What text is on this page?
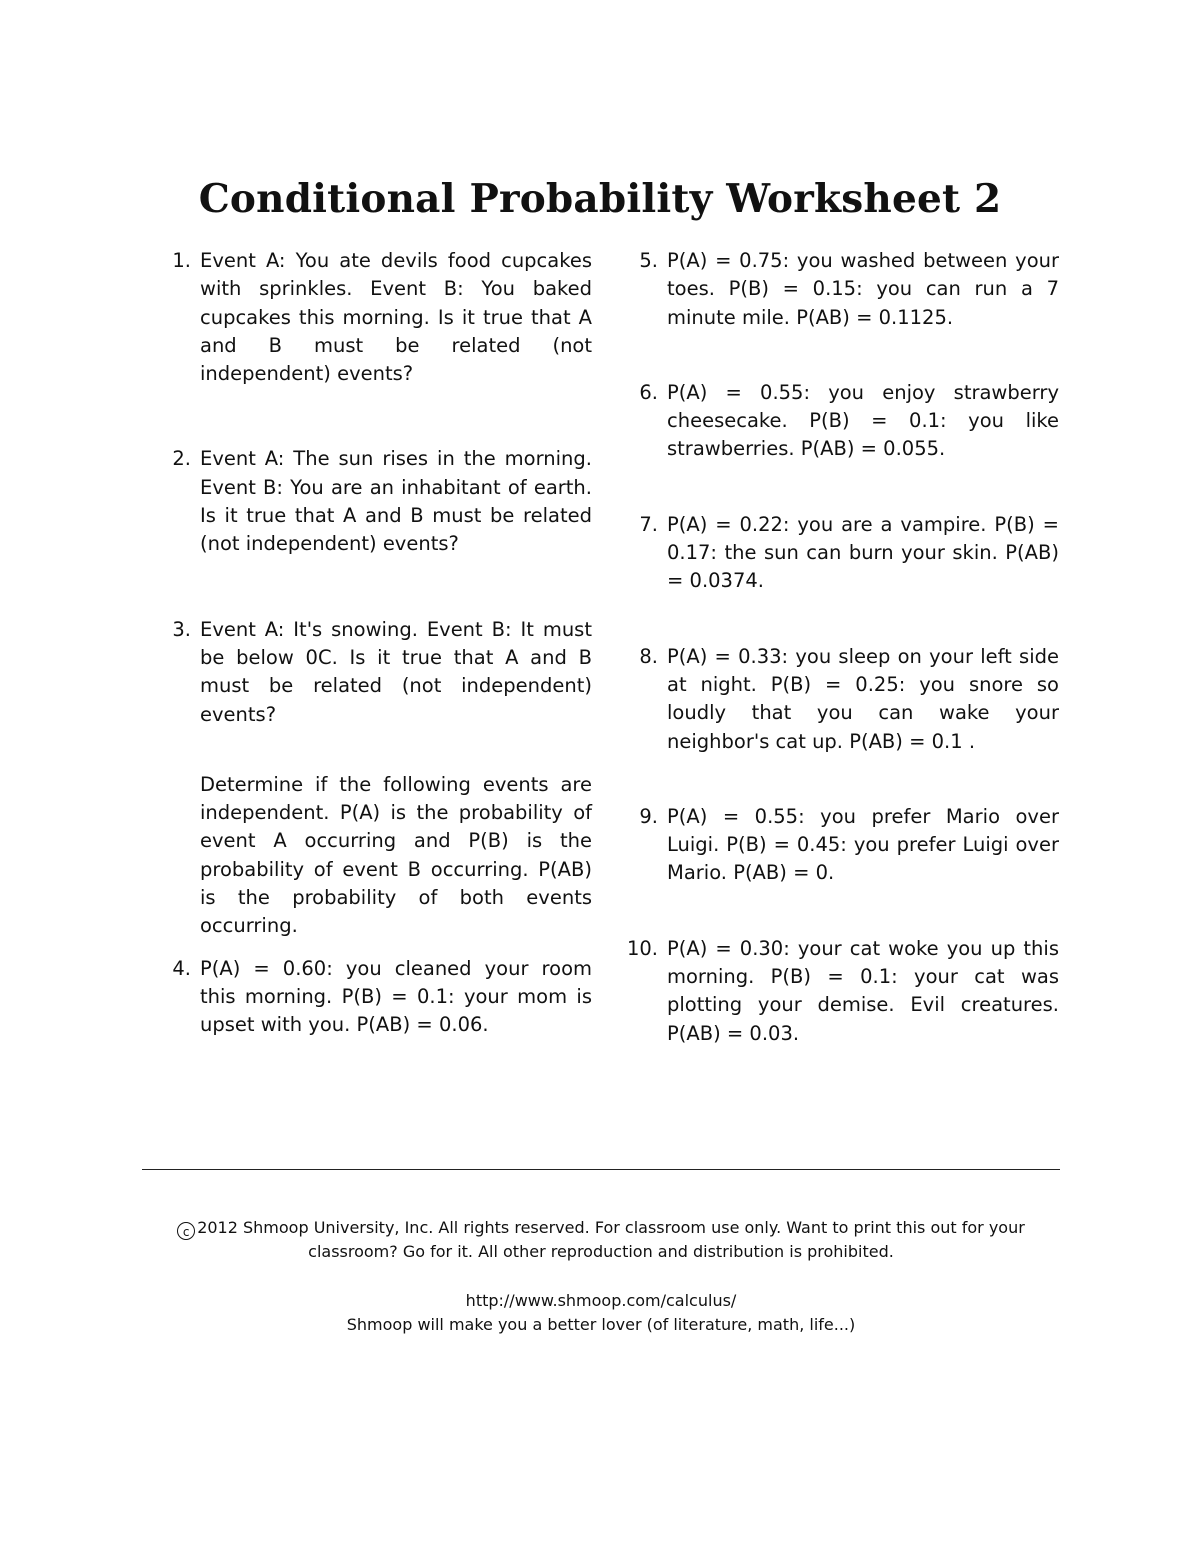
Conditional Probability Worksheet 2
1. Event A: You ate devils food cupcakes with sprinkles. Event B: You baked cupcakes this morning. Is it true that A and B must be related (not independent) events?
2. Event A: The sun rises in the morning. Event B: You are an inhabitant of earth. Is it true that A and B must be related (not independent) events?
3. Event A: It's snowing. Event B: It must be below 0C. Is it true that A and B must be related (not independent) events?
Determine if the following events are independent. P(A) is the probability of event A occurring and P(B) is the probability of event B occurring. P(AB) is the probability of both events occurring.
4. P(A) = 0.60: you cleaned your room this morning. P(B) = 0.1: your mom is upset with you. P(AB) = 0.06.
5. P(A) = 0.75: you washed between your toes. P(B) = 0.15: you can run a 7 minute mile. P(AB) = 0.1125.
6. P(A) = 0.55: you enjoy strawberry cheesecake. P(B) = 0.1: you like strawberries. P(AB) = 0.055.
7. P(A) = 0.22: you are a vampire. P(B) = 0.17: the sun can burn your skin. P(AB) = 0.0374.
8. P(A) = 0.33: you sleep on your left side at night. P(B) = 0.25: you snore so loudly that you can wake your neighbor's cat up. P(AB) = 0.1 .
9. P(A) = 0.55: you prefer Mario over Luigi. P(B) = 0.45: you prefer Luigi over Mario. P(AB) = 0.
10. P(A) = 0.30: your cat woke you up this morning. P(B) = 0.1: your cat was plotting your demise. Evil creatures. P(AB) = 0.03.
c 2012 Shmoop University, Inc. All rights reserved. For classroom use only. Want to print this out for your classroom? Go for it. All other reproduction and distribution is prohibited.
http://www.shmoop.com/calculus/
Shmoop will make you a better lover (of literature, math, life...)
